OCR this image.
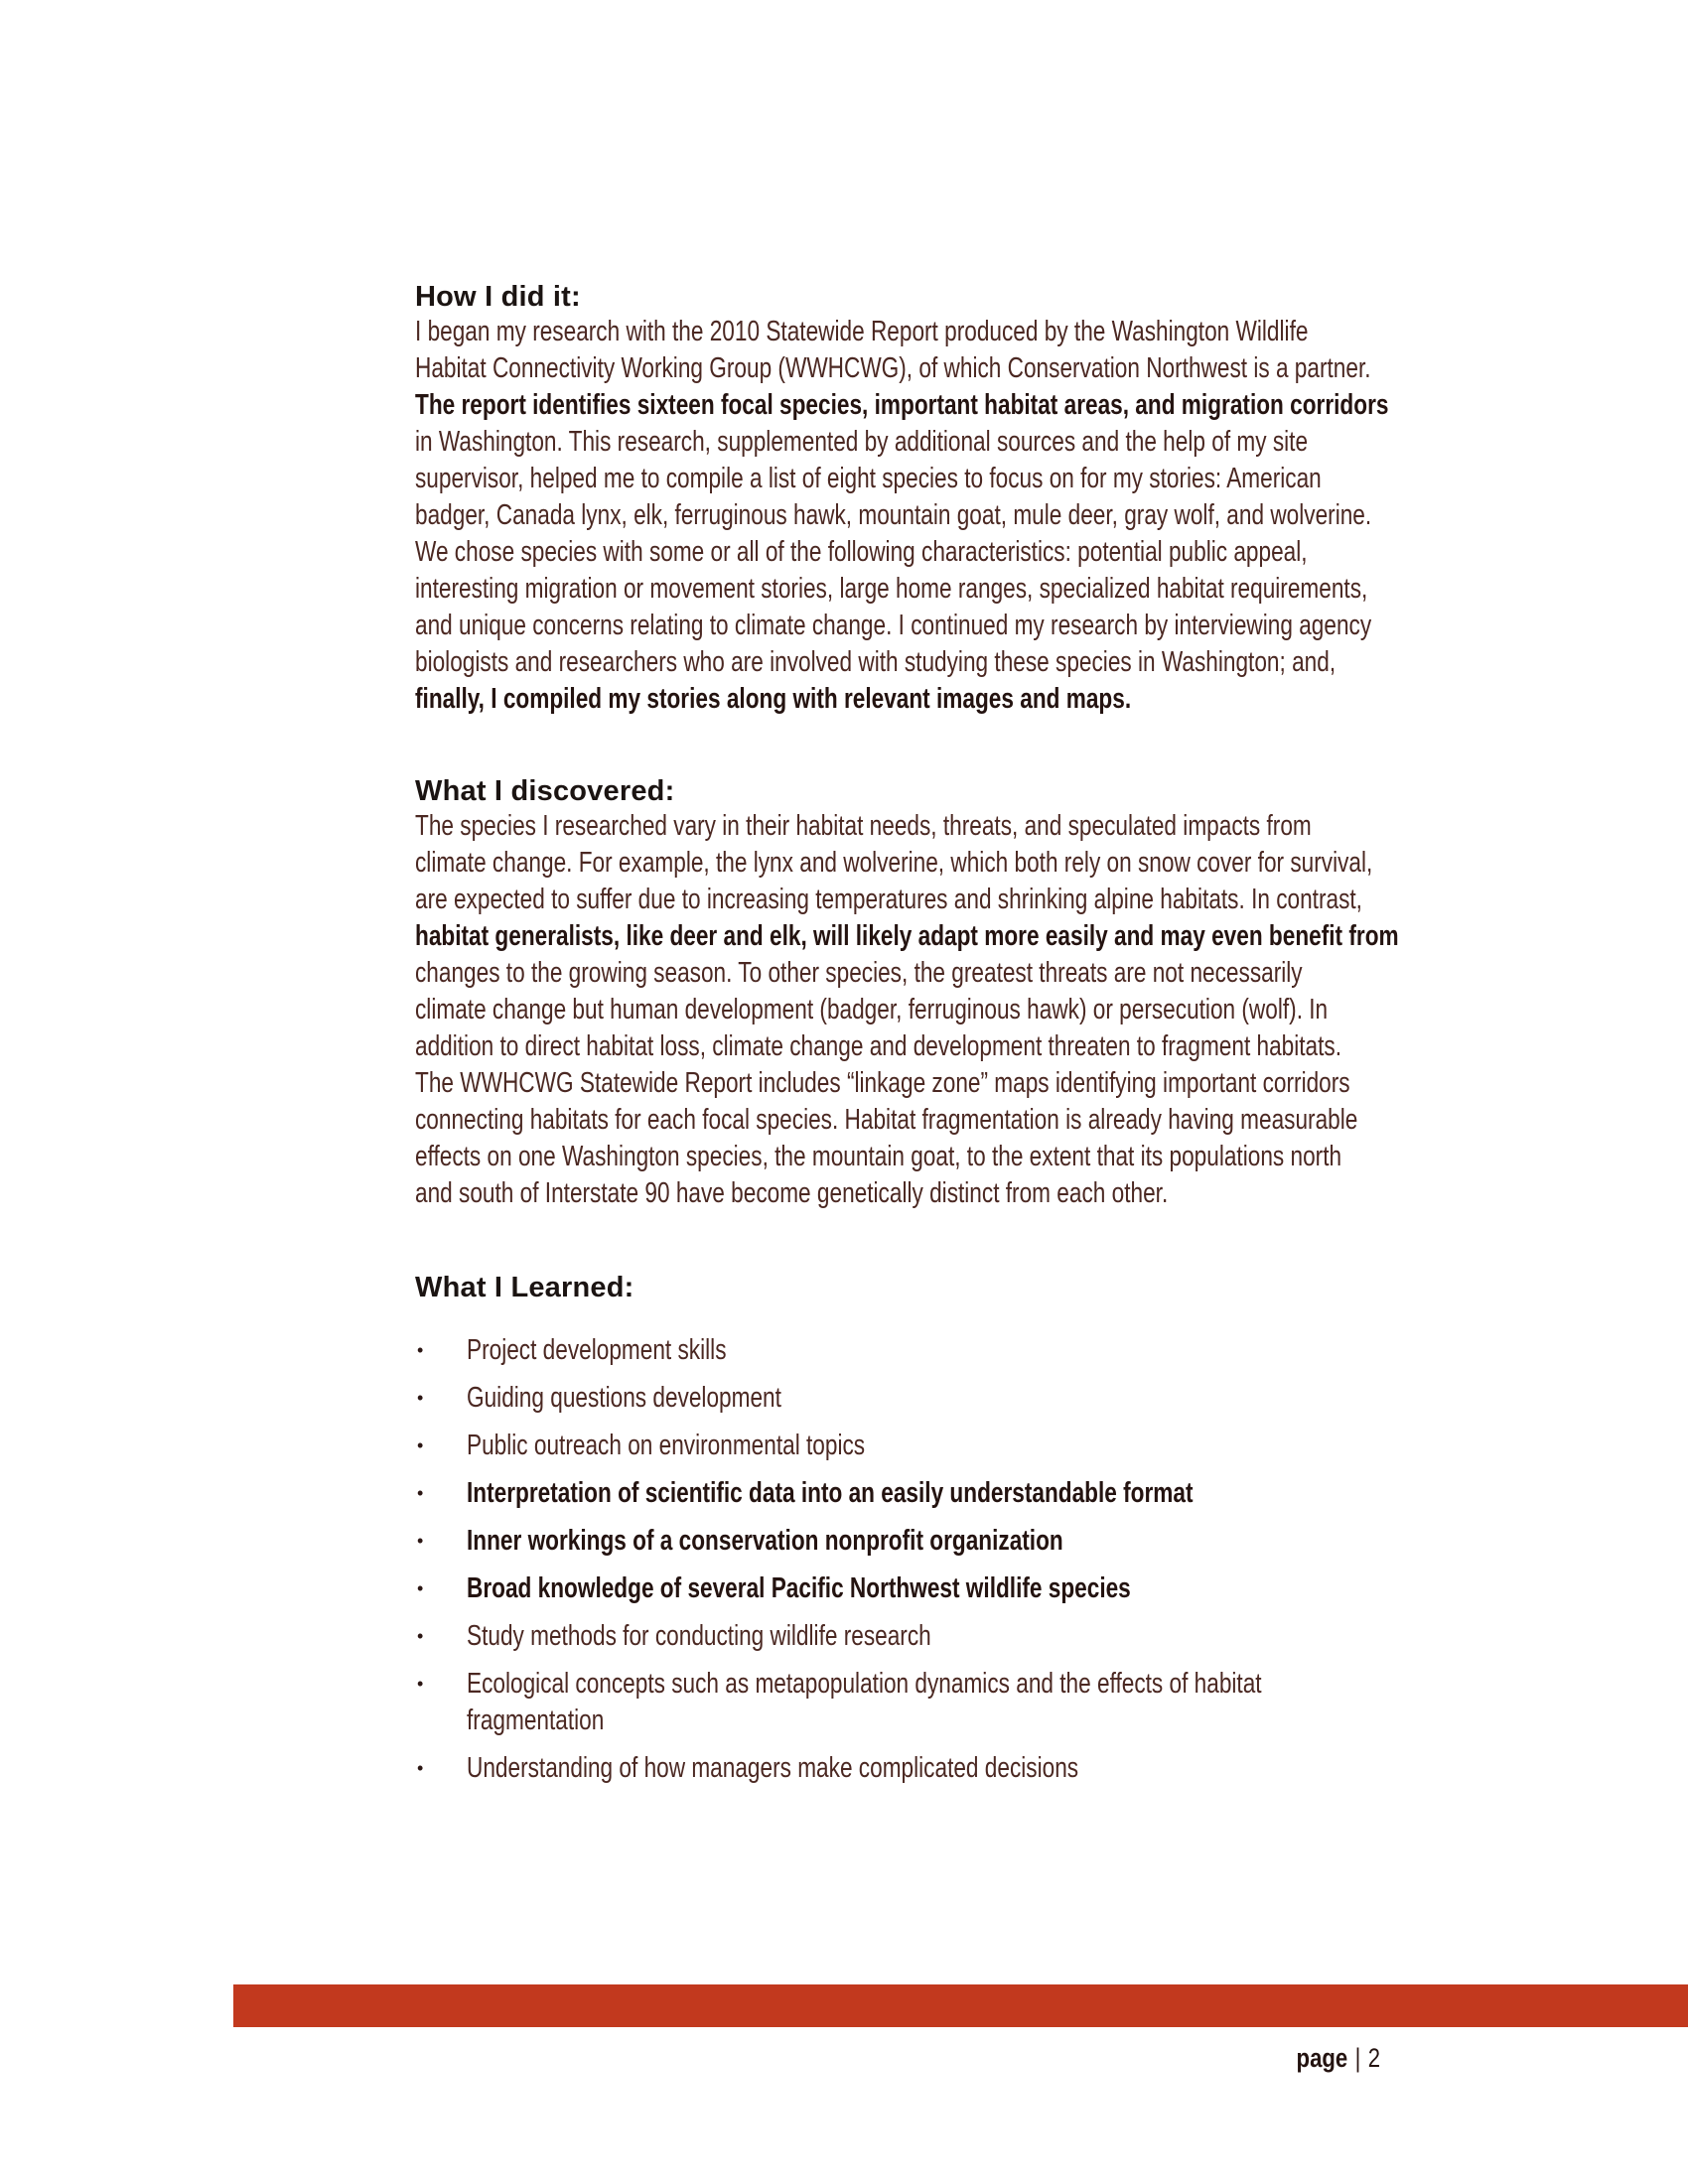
How I did it:
I began my research with the 2010 Statewide Report produced by the Washington Wildlife
Habitat Connectivity Working Group (WWHCWG), of which Conservation Northwest is a partner.
The report identifies sixteen focal species, important habitat areas, and migration corridors
in Washington. This research, supplemented by additional sources and the help of my site
supervisor, helped me to compile a list of eight species to focus on for my stories: American
badger, Canada lynx, elk, ferruginous hawk, mountain goat, mule deer, gray wolf, and wolverine.
We chose species with some or all of the following characteristics: potential public appeal,
interesting migration or movement stories, large home ranges, specialized habitat requirements,
and unique concerns relating to climate change. I continued my research by interviewing agency
biologists and researchers who are involved with studying these species in Washington; and,
finally, I compiled my stories along with relevant images and maps.
What I discovered:
The species I researched vary in their habitat needs, threats, and speculated impacts from
climate change. For example, the lynx and wolverine, which both rely on snow cover for survival,
are expected to suffer due to increasing temperatures and shrinking alpine habitats. In contrast,
habitat generalists, like deer and elk, will likely adapt more easily and may even benefit from
changes to the growing season. To other species, the greatest threats are not necessarily
climate change but human development (badger, ferruginous hawk) or persecution (wolf). In
addition to direct habitat loss, climate change and development threaten to fragment habitats.
The WWHCWG Statewide Report includes “linkage zone” maps identifying important corridors
connecting habitats for each focal species. Habitat fragmentation is already having measurable
effects on one Washington species, the mountain goat, to the extent that its populations north
and south of Interstate 90 have become genetically distinct from each other.
What I Learned:
•	Project development skills
•	Guiding questions development
•	Public outreach on environmental topics
•	Interpretation of scientific data into an easily understandable format
•	Inner workings of a conservation nonprofit organization
•	Broad knowledge of several Pacific Northwest wildlife species
•	Study methods for conducting wildlife research
•	Ecological concepts such as metapopulation dynamics and the effects of habitat
fragmentation
•	Understanding of how managers make complicated decisions
page | 2
